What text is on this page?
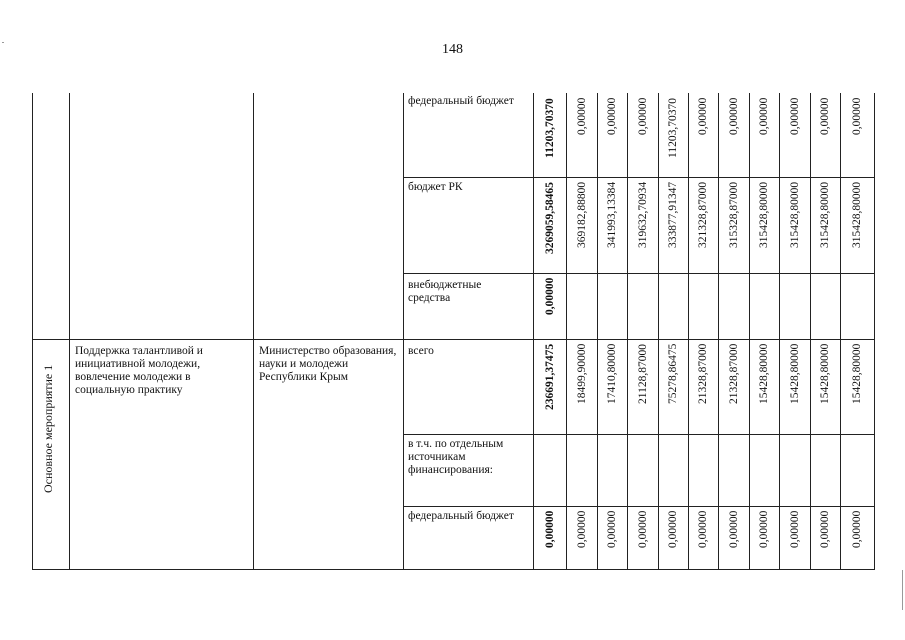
148
Основное мероприятие 1
Поддержка талантливой и инициативной молодежи, вовлечение молодежи в социальную практику
Министерство образования, науки и молодежи Республики Крым
федеральный бюджет
бюджет РК
внебюджетные средства
всего
в т.ч. по отдельным источникам финансирования:
федеральный бюджет
11203,70370 0,00000 0,00000 0,00000 11203,70370 0,00000 0,00000 0,00000 0,00000 0,00000 0,00000
3269059,58465 369182,88800 341993,13384 319632,70934 333877,91347 321328,87000 315328,87000 315428,80000 315428,80000 315428,80000 315428,80000
0,00000
236691,37475 18499,90000 17410,80000 21128,87000 75278,86475 21328,87000 21328,87000 15428,80000 15428,80000 15428,80000 15428,80000
0,00000 0,00000 0,00000 0,00000 0,00000 0,00000 0,00000 0,00000 0,00000 0,00000 0,00000
